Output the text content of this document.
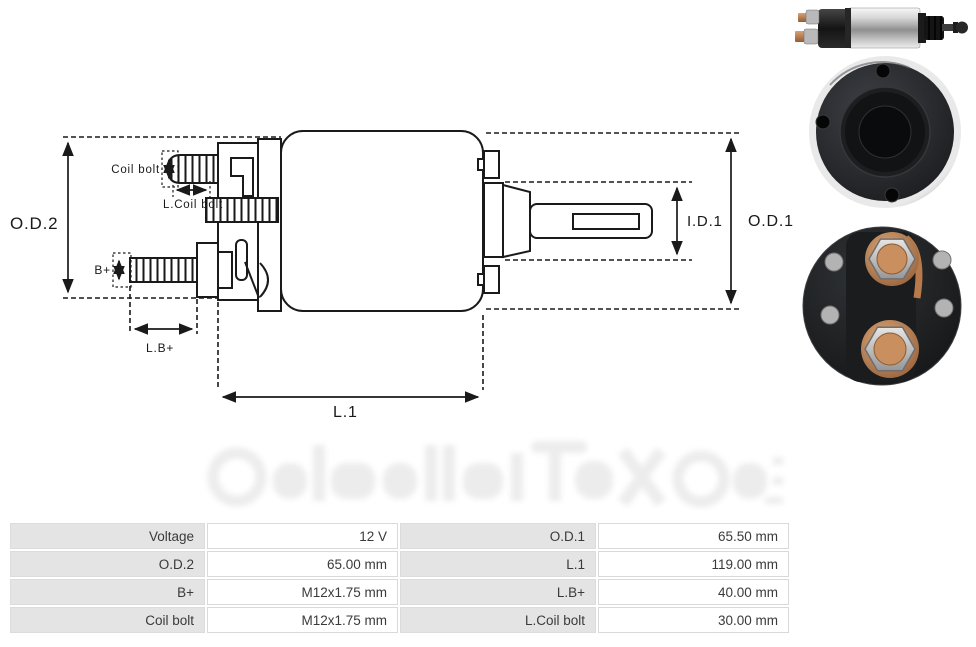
O.D.2	O.D.1
I.D.1
L.1
Coil bolt
L.Coil bolt
B+
L.B+
Voltage	12 V	O.D.1	65.50 mm
O.D.2	65.00 mm	L.1	119.00 mm
B+	M12x1.75 mm	L.B+	40.00 mm
Coil bolt	M12x1.75 mm	L.Coil bolt	30.00 mm
